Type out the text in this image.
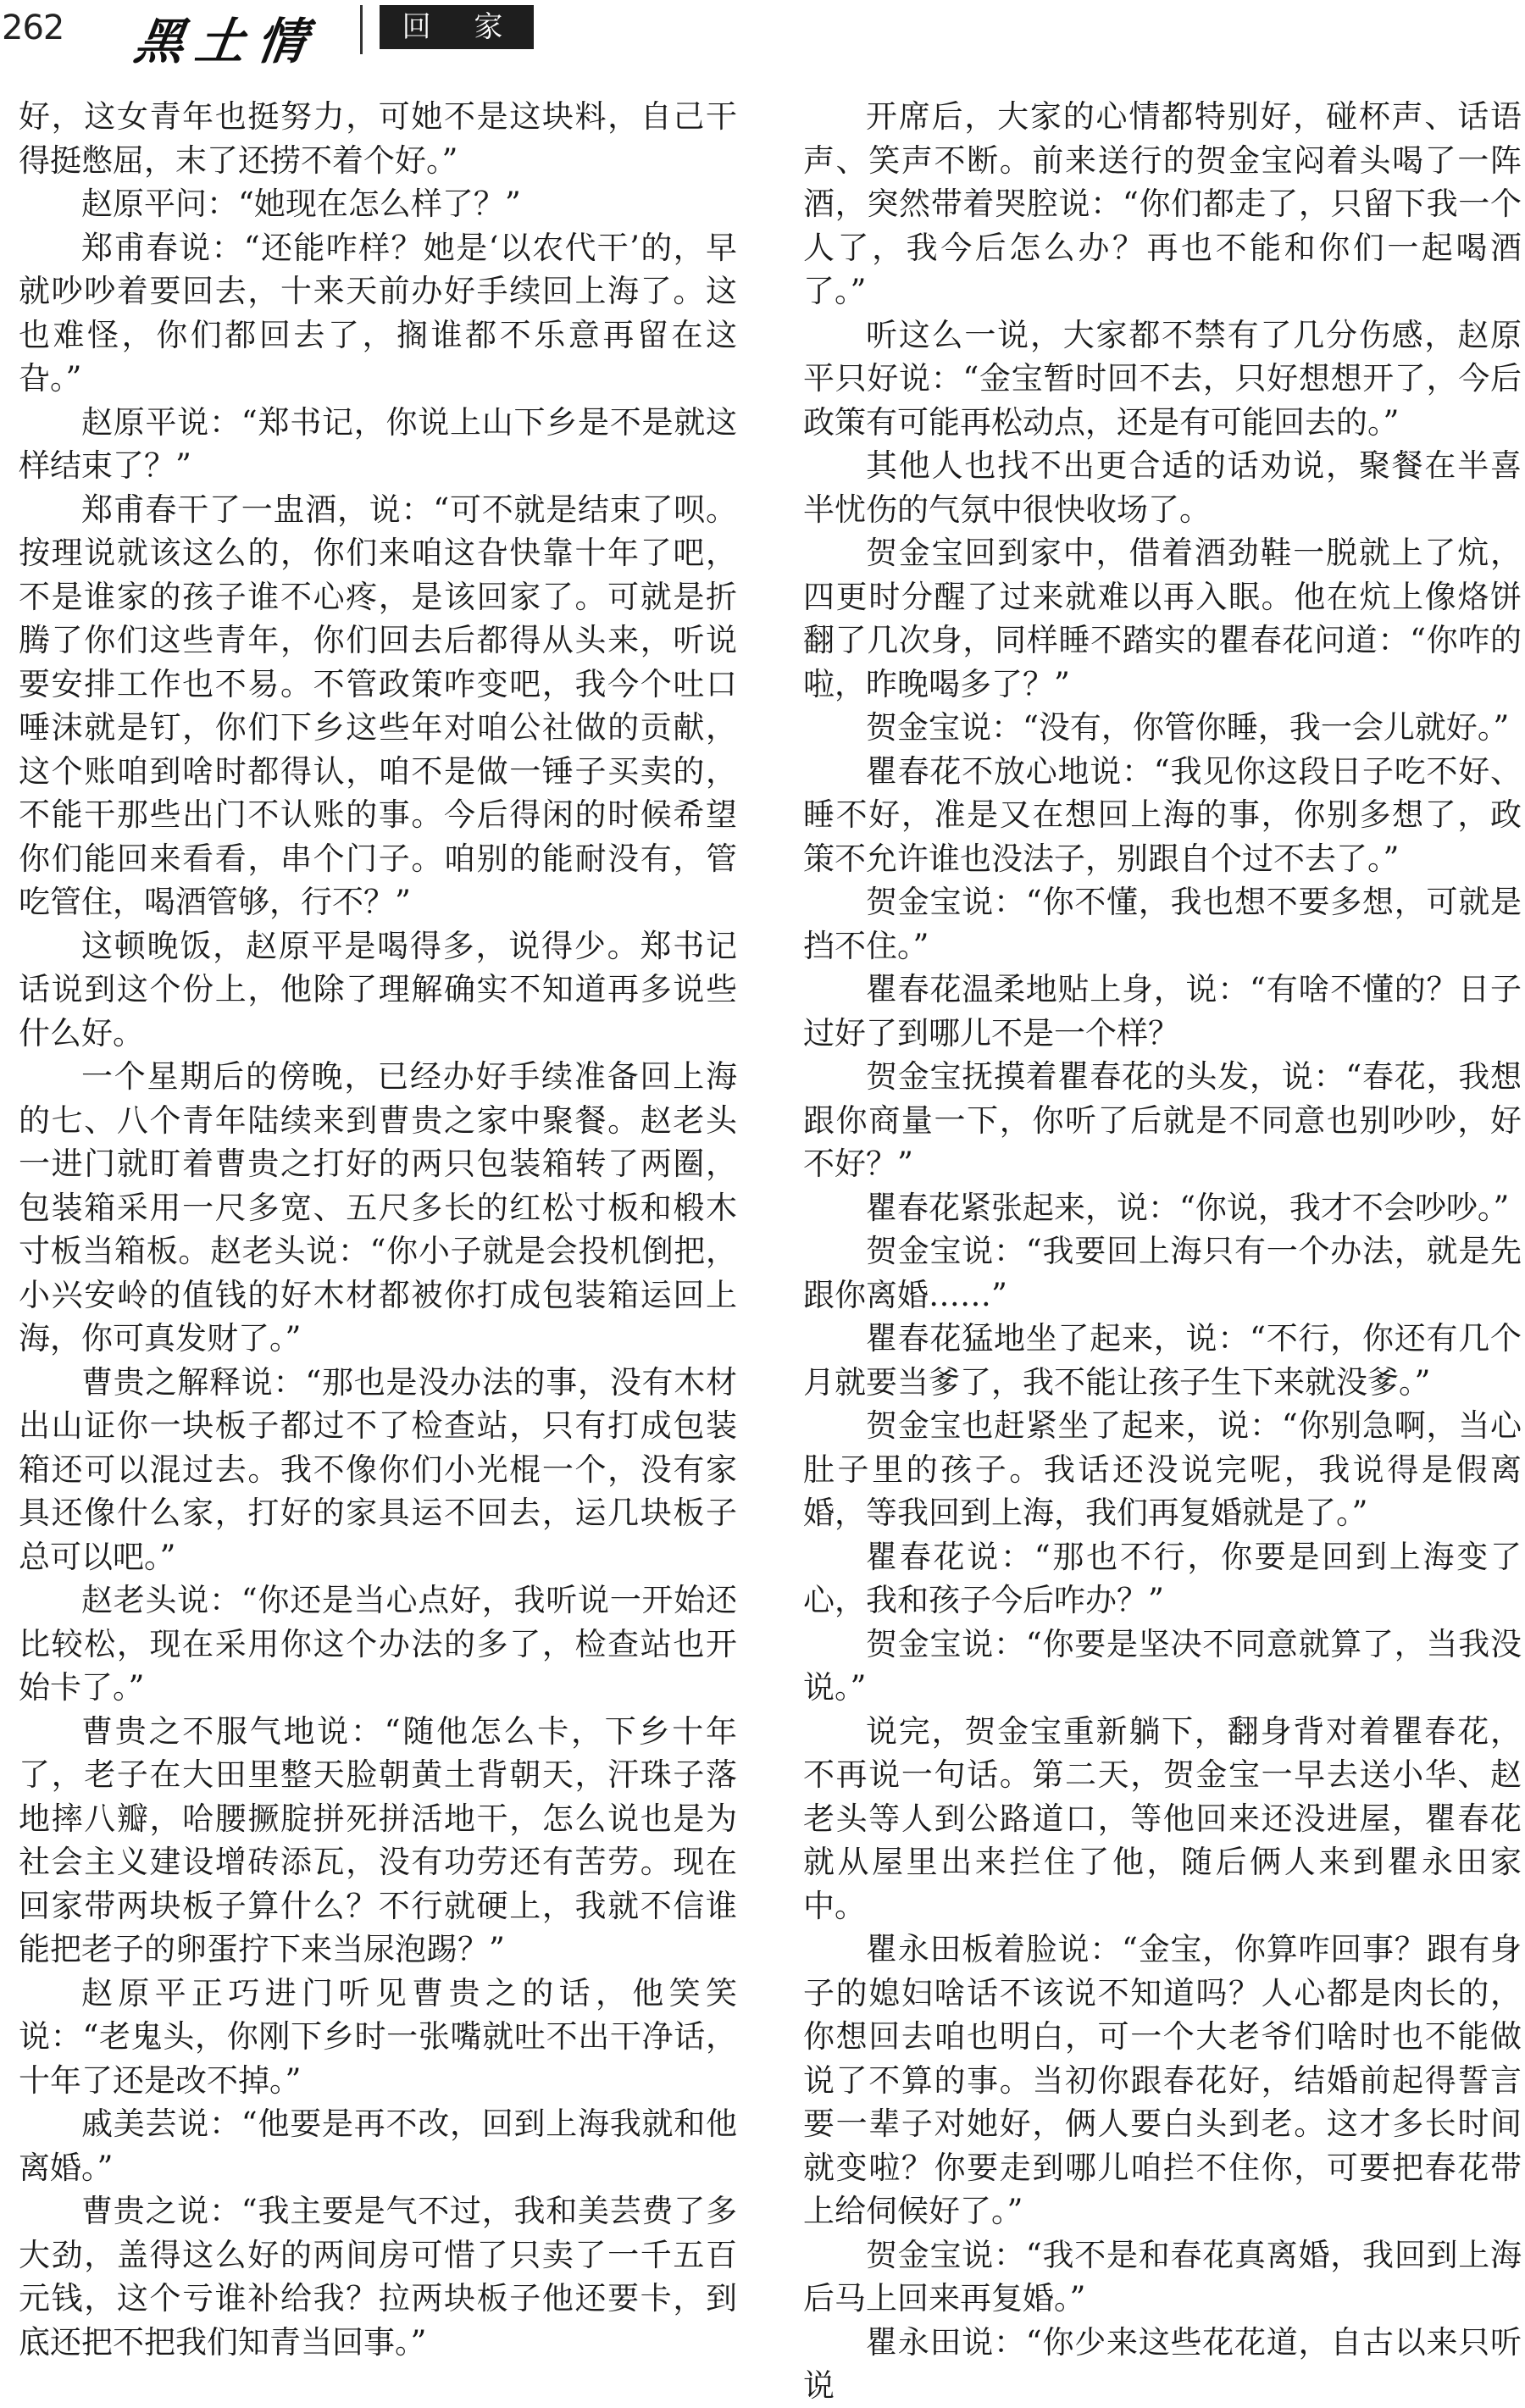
262 黑土情	回 家

好，这女青年也挺努力，可她不是这块料，自己干得挺憋屈，末了还捞不着个好。”

赵原平问：“她现在怎么样了？”

郑甫春说：“还能咋样？她是‘以农代干’的，早就吵吵着要回去，十来天前办好手续回上海了。这也难怪，你们都回去了，搁谁都不乐意再留在这旮。”

赵原平说：“郑书记，你说上山下乡是不是就这样结束了？”

郑甫春干了一盅酒，说：“可不就是结束了呗。按理说就该这么的，你们来咱这旮快靠十年了吧，不是谁家的孩子谁不心疼，是该回家了。可就是折腾了你们这些青年，你们回去后都得从头来，听说要安排工作也不易。不管政策咋变吧，我今个吐口唾沫就是钉，你们下乡这些年对咱公社做的贡献，这个账咱到啥时都得认，咱不是做一锤子买卖的，不能干那些出门不认账的事。今后得闲的时候希望你们能回来看看，串个门子。咱别的能耐没有，管吃管住，喝酒管够，行不？”

这顿晚饭，赵原平是喝得多，说得少。郑书记话说到这个份上，他除了理解确实不知道再多说些什么好。

一个星期后的傍晚，已经办好手续准备回上海的七、八个青年陆续来到曹贵之家中聚餐。赵老头一进门就盯着曹贵之打好的两只包装箱转了两圈，包装箱采用一尺多宽、五尺多长的红松寸板和椴木寸板当箱板。赵老头说：“你小子就是会投机倒把，小兴安岭的值钱的好木材都被你打成包装箱运回上海，你可真发财了。”

曹贵之解释说：“那也是没办法的事，没有木材出山证你一块板子都过不了检查站，只有打成包装箱还可以混过去。我不像你们小光棍一个，没有家具还像什么家，打好的家具运不回去，运几块板子总可以吧。”

赵老头说：“你还是当心点好，我听说一开始还比较松，现在采用你这个办法的多了，检查站也开始卡了。”

曹贵之不服气地说：“随他怎么卡，下乡十年了，老子在大田里整天脸朝黄土背朝天，汗珠子落地摔八瓣，哈腰撅腚拼死拼活地干，怎么说也是为社会主义建设增砖添瓦，没有功劳还有苦劳。现在回家带两块板子算什么？不行就硬上，我就不信谁能把老子的卵蛋拧下来当尿泡踢？”

赵原平正巧进门听见曹贵之的话，他笑笑说：“老鬼头，你刚下乡时一张嘴就吐不出干净话，十年了还是改不掉。”

戚美芸说：“他要是再不改，回到上海我就和他离婚。”

曹贵之说：“我主要是气不过，我和美芸费了多大劲，盖得这么好的两间房可惜了只卖了一千五百元钱，这个亏谁补给我？拉两块板子他还要卡，到底还把不把我们知青当回事。”

开席后，大家的心情都特别好，碰杯声、话语声、笑声不断。前来送行的贺金宝闷着头喝了一阵酒，突然带着哭腔说：“你们都走了，只留下我一个人了，我今后怎么办？再也不能和你们一起喝酒了。”

听这么一说，大家都不禁有了几分伤感，赵原平只好说：“金宝暂时回不去，只好想想开了，今后政策有可能再松动点，还是有可能回去的。”

其他人也找不出更合适的话劝说，聚餐在半喜半忧伤的气氛中很快收场了。

贺金宝回到家中，借着酒劲鞋一脱就上了炕，四更时分醒了过来就难以再入眠。他在炕上像烙饼翻了几次身，同样睡不踏实的瞿春花问道：“你咋的啦，昨晚喝多了？”

贺金宝说：“没有，你管你睡，我一会儿就好。”

瞿春花不放心地说：“我见你这段日子吃不好、睡不好，准是又在想回上海的事，你别多想了，政策不允许谁也没法子，别跟自个过不去了。”

贺金宝说：“你不懂，我也想不要多想，可就是挡不住。”

瞿春花温柔地贴上身，说：“有啥不懂的？日子过好了到哪儿不是一个样？

贺金宝抚摸着瞿春花的头发，说：“春花，我想跟你商量一下，你听了后就是不同意也别吵吵，好不好？”

瞿春花紧张起来，说：“你说，我才不会吵吵。”

贺金宝说：“我要回上海只有一个办法，就是先跟你离婚……”

瞿春花猛地坐了起来，说：“不行，你还有几个月就要当爹了，我不能让孩子生下来就没爹。”

贺金宝也赶紧坐了起来，说：“你别急啊，当心肚子里的孩子。我话还没说完呢，我说得是假离婚，等我回到上海，我们再复婚就是了。”

瞿春花说：“那也不行，你要是回到上海变了心，我和孩子今后咋办？”

贺金宝说：“你要是坚决不同意就算了，当我没说。”

说完，贺金宝重新躺下，翻身背对着瞿春花，不再说一句话。第二天，贺金宝一早去送小华、赵老头等人到公路道口，等他回来还没进屋，瞿春花就从屋里出来拦住了他，随后俩人来到瞿永田家中。

瞿永田板着脸说：“金宝，你算咋回事？跟有身子的媳妇啥话不该说不知道吗？人心都是肉长的，你想回去咱也明白，可一个大老爷们啥时也不能做说了不算的事。当初你跟春花好，结婚前起得誓言要一辈子对她好，俩人要白头到老。这才多长时间就变啦？你要走到哪儿咱拦不住你，可要把春花带上给伺候好了。”

贺金宝说：“我不是和春花真离婚，我回到上海后马上回来再复婚。”

瞿永田说：“你少来这些花花道，自古以来只听说
